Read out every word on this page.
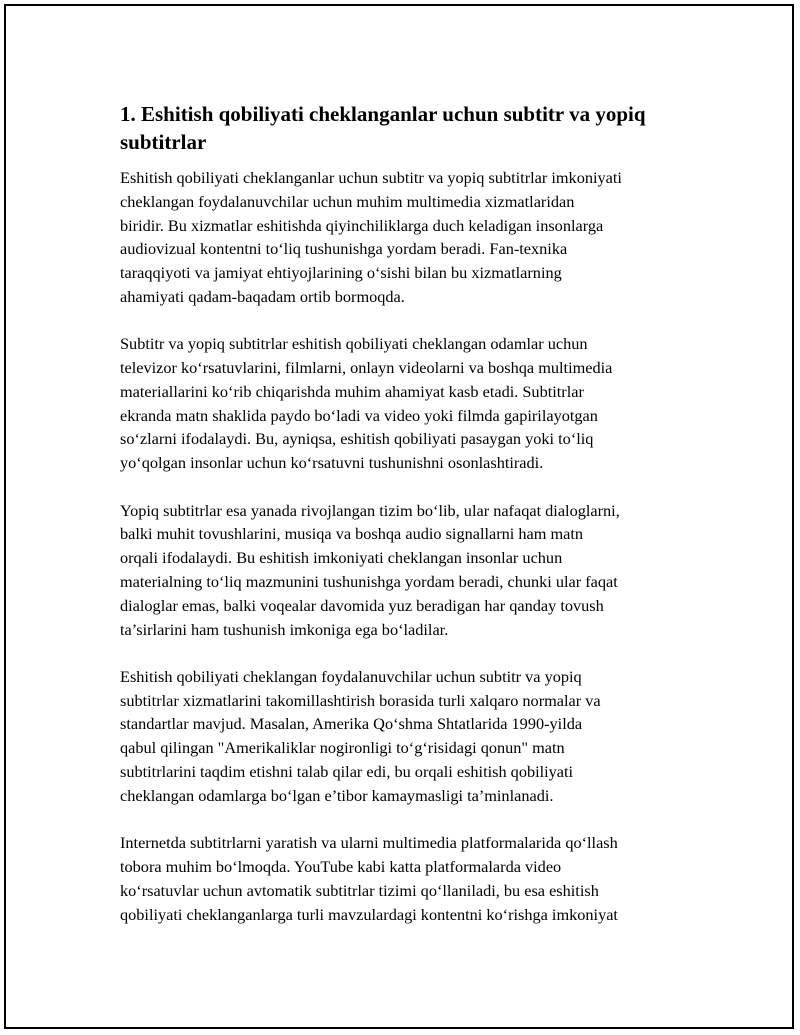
1. Eshitish qobiliyati cheklanganlar uchun subtitr va yopiq
subtitrlar
Eshitish qobiliyati cheklanganlar uchun subtitr va yopiq subtitrlar imkoniyati
cheklangan foydalanuvchilar uchun muhim multimedia xizmatlaridan
biridir. Bu xizmatlar eshitishda qiyinchiliklarga duch keladigan insonlarga
audiovizual kontentni to‘liq tushunishga yordam beradi. Fan-texnika
taraqqiyoti va jamiyat ehtiyojlarining o‘sishi bilan bu xizmatlarning
ahamiyati qadam-baqadam ortib bormoqda.
Subtitr va yopiq subtitrlar eshitish qobiliyati cheklangan odamlar uchun
televizor ko‘rsatuvlarini, filmlarni, onlayn videolarni va boshqa multimedia
materiallarini ko‘rib chiqarishda muhim ahamiyat kasb etadi. Subtitrlar
ekranda matn shaklida paydo bo‘ladi va video yoki filmda gapirilayotgan
so‘zlarni ifodalaydi. Bu, ayniqsa, eshitish qobiliyati pasaygan yoki to‘liq
yo‘qolgan insonlar uchun ko‘rsatuvni tushunishni osonlashtiradi.
Yopiq subtitrlar esa yanada rivojlangan tizim bo‘lib, ular nafaqat dialoglarni,
balki muhit tovushlarini, musiqa va boshqa audio signallarni ham matn
orqali ifodalaydi. Bu eshitish imkoniyati cheklangan insonlar uchun
materialning to‘liq mazmunini tushunishga yordam beradi, chunki ular faqat
dialoglar emas, balki voqealar davomida yuz beradigan har qanday tovush
ta’sirlarini ham tushunish imkoniga ega bo‘ladilar.
Eshitish qobiliyati cheklangan foydalanuvchilar uchun subtitr va yopiq
subtitrlar xizmatlarini takomillashtirish borasida turli xalqaro normalar va
standartlar mavjud. Masalan, Amerika Qo‘shma Shtatlarida 1990-yilda
qabul qilingan "Amerikaliklar nogironligi to‘g‘risidagi qonun" matn
subtitrlarini taqdim etishni talab qilar edi, bu orqali eshitish qobiliyati
cheklangan odamlarga bo‘lgan e’tibor kamaymasligi ta’minlanadi.
Internetda subtitrlarni yaratish va ularni multimedia platformalarida qo‘llash
tobora muhim bo‘lmoqda. YouTube kabi katta platformalarda video
ko‘rsatuvlar uchun avtomatik subtitrlar tizimi qo‘llaniladi, bu esa eshitish
qobiliyati cheklanganlarga turli mavzulardagi kontentni ko‘rishga imkoniyat
